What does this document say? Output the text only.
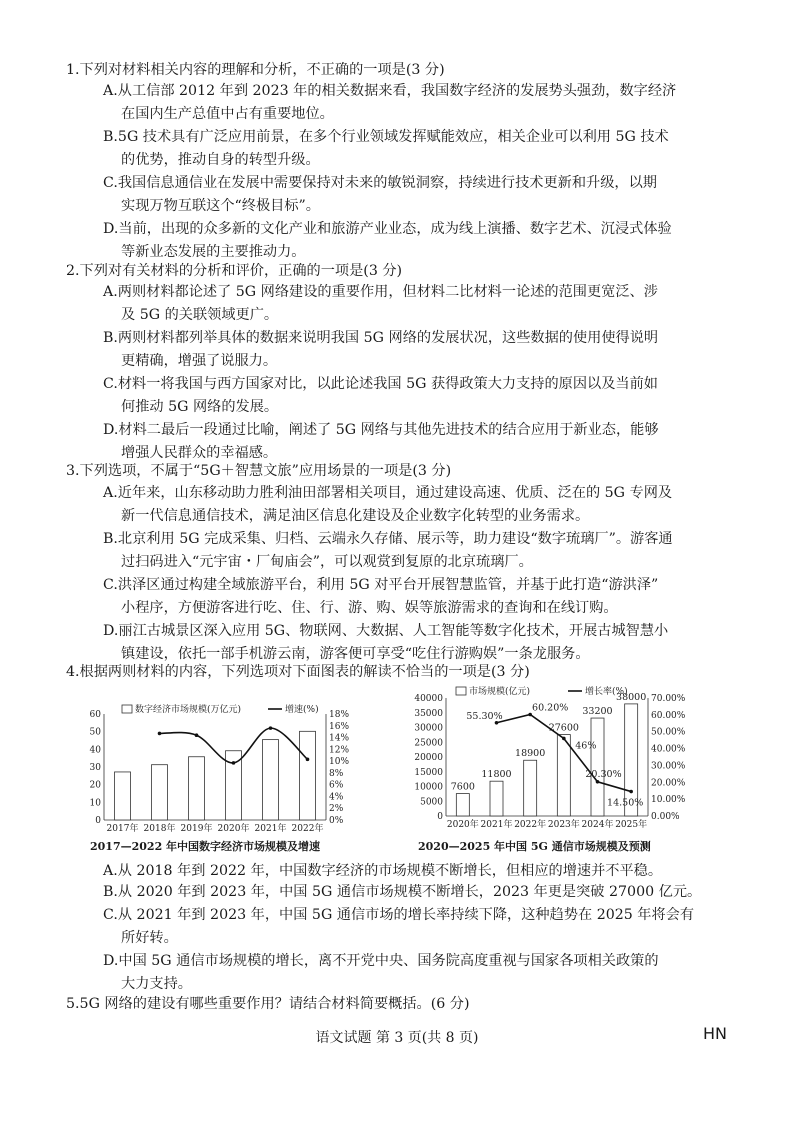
1.下列对材料相关内容的理解和分析，不正确的一项是(3 分)
A.从工信部 2012 年到 2023 年的相关数据来看，我国数字经济的发展势头强劲，数字经济
在国内生产总值中占有重要地位。
B.5G 技术具有广泛应用前景，在多个行业领域发挥赋能效应，相关企业可以利用 5G 技术
的优势，推动自身的转型升级。
C.我国信息通信业在发展中需要保持对未来的敏锐洞察，持续进行技术更新和升级，以期
实现万物互联这个“终极目标”。
D.当前，出现的众多新的文化产业和旅游产业业态，成为线上演播、数字艺术、沉浸式体验
等新业态发展的主要推动力。
2.下列对有关材料的分析和评价，正确的一项是(3 分)
A.两则材料都论述了 5G 网络建设的重要作用，但材料二比材料一论述的范围更宽泛、涉
及 5G 的关联领域更广。
B.两则材料都列举具体的数据来说明我国 5G 网络的发展状况，这些数据的使用使得说明
更精确，增强了说服力。
C.材料一将我国与西方国家对比，以此论述我国 5G 获得政策大力支持的原因以及当前如
何推动 5G 网络的发展。
D.材料二最后一段通过比喻，阐述了 5G 网络与其他先进技术的结合应用于新业态，能够
增强人民群众的幸福感。
3.下列选项，不属于“5G＋智慧文旅”应用场景的一项是(3 分)
A.近年来，山东移动助力胜利油田部署相关项目，通过建设高速、优质、泛在的 5G 专网及
新一代信息通信技术，满足油区信息化建设及企业数字化转型的业务需求。
B.北京利用 5G 完成采集、归档、云端永久存储、展示等，助力建设“数字琉璃厂”。游客通
过扫码进入“元宇宙・厂甸庙会”，可以观赏到复原的北京琉璃厂。
C.洪泽区通过构建全域旅游平台，利用 5G 对平台开展智慧监管，并基于此打造“游洪泽”
小程序，方便游客进行吃、住、行、游、购、娱等旅游需求的查询和在线订购。
D.丽江古城景区深入应用 5G、物联网、大数据、人工智能等数字化技术，开展古城智慧小
镇建设，依托一部手机游云南，游客便可享受“吃住行游购娱”一条龙服务。
4.根据两则材料的内容，下列选项对下面图表的解读不恰当的一项是(3 分)
0
10
20
30
40
50
60
0%
2%
4%
6%
8%
10%
12%
14%
16%
18%
2017年 2018年 2019年 2020年 2021年 2022年
数字经济市场规模(万亿元)	增速(%)
2017—2022 年中国数字经济市场规模及增速
0
5000
10000
15000
20000
25000
30000
35000
40000
0.00%
10.00%
20.00%
30.00%
40.00%
50.00%
60.00%
70.00%
7600
2020年
11800
2021年
18900
2022年
27600
2023年
33200
2024年
38000
2025年
55.30%
60.20%
46%
20.30%
14.50%
市场规模(亿元)	增长率(%)
2020—2025 年中国 5G 通信市场规模及预测
A.从 2018 年到 2022 年，中国数字经济的市场规模不断增长，但相应的增速并不平稳。
B.从 2020 年到 2023 年，中国 5G 通信市场规模不断增长，2023 年更是突破 27000 亿元。
C.从 2021 年到 2023 年，中国 5G 通信市场的增长率持续下降，这种趋势在 2025 年将会有
所好转。
D.中国 5G 通信市场规模的增长，离不开党中央、国务院高度重视与国家各项相关政策的
大力支持。
5.5G 网络的建设有哪些重要作用？请结合材料简要概括。(6 分)
语文试题 第 3 页(共 8 页)	HN
